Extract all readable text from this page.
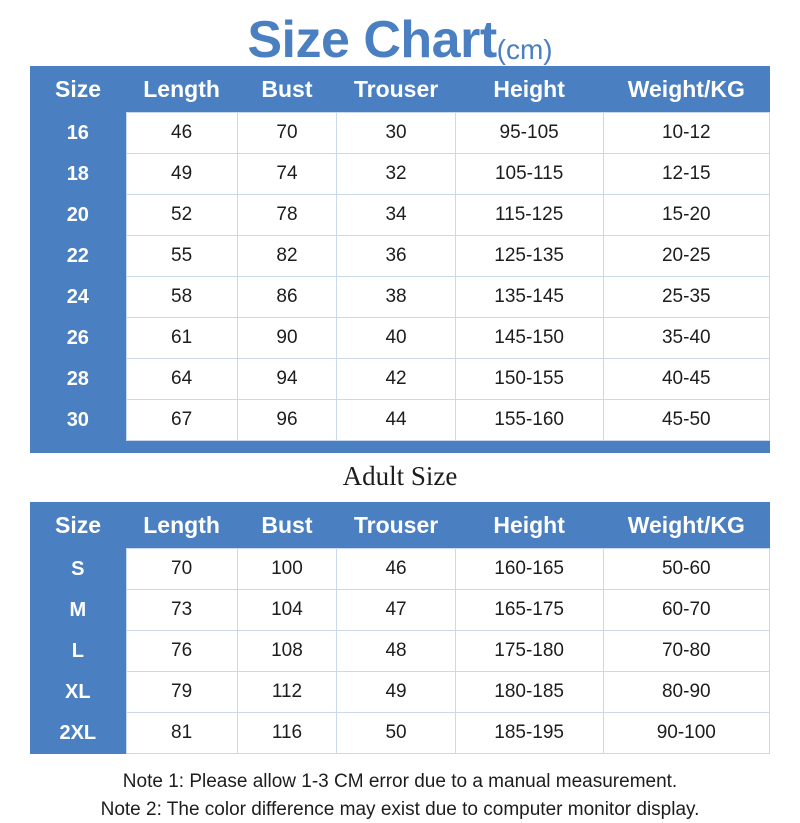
Size Chart(cm)
Size	Length	Bust	Trouser	Height	Weight/KG
16	46	70	30	95-105	10-12
18	49	74	32	105-115	12-15
20	52	78	34	115-125	15-20
22	55	82	36	125-135	20-25
24	58	86	38	135-145	25-35
26	61	90	40	145-150	35-40
28	64	94	42	150-155	40-45
30	67	96	44	155-160	45-50
Adult Size
Size	Length	Bust	Trouser	Height	Weight/KG
S	70	100	46	160-165	50-60
M	73	104	47	165-175	60-70
L	76	108	48	175-180	70-80
XL	79	112	49	180-185	80-90
2XL	81	116	50	185-195	90-100
Note 1: Please allow 1-3 CM error due to a manual measurement.
Note 2: The color difference may exist due to computer monitor display.
